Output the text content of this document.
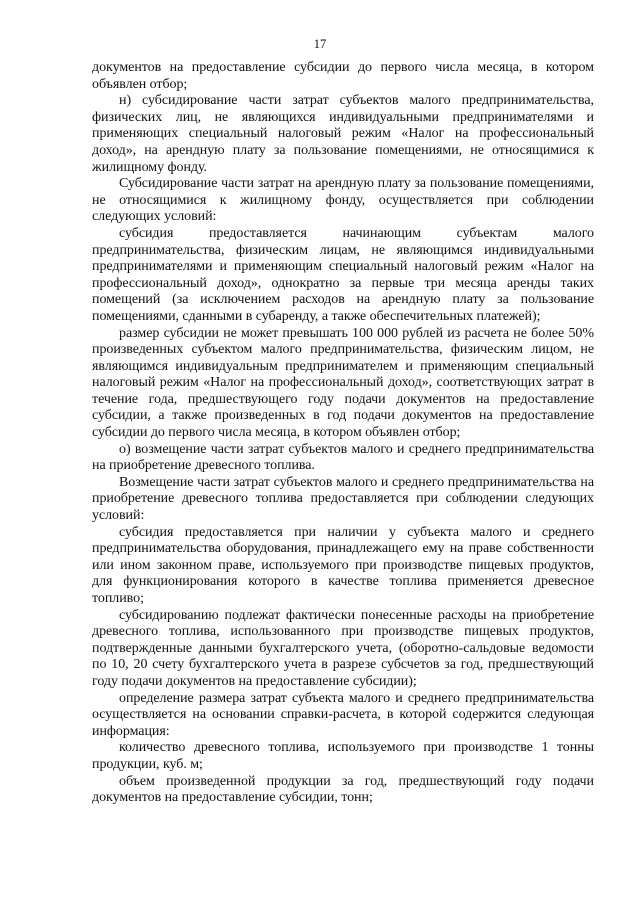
17

документов на предоставление субсидии до первого числа месяца, в котором объявлен отбор;

н) субсидирование части затрат субъектов малого предпринимательства, физических лиц, не являющихся индивидуальными предпринимателями и применяющих специальный налоговый режим «Налог на профессиональный доход», на арендную плату за пользование помещениями, не относящимися к жилищному фонду.

Субсидирование части затрат на арендную плату за пользование помещениями, не относящимися к жилищному фонду, осуществляется при соблюдении следующих условий:

субсидия предоставляется начинающим субъектам малого предпринимательства, физическим лицам, не являющимся индивидуальными предпринимателями и применяющим специальный налоговый режим «Налог на профессиональный доход», однократно за первые три месяца аренды таких помещений (за исключением расходов на арендную плату за пользование помещениями, сданными в субаренду, а также обеспечительных платежей);

размер субсидии не может превышать 100 000 рублей из расчета не более 50% произведенных субъектом малого предпринимательства, физическим лицом, не являющимся индивидуальным предпринимателем и применяющим специальный налоговый режим «Налог на профессиональный доход», соответствующих затрат в течение года, предшествующего году подачи документов на предоставление субсидии, а также произведенных в год подачи документов на предоставление субсидии до первого числа месяца, в котором объявлен отбор;

о) возмещение части затрат субъектов малого и среднего предпринимательства на приобретение древесного топлива.

Возмещение части затрат субъектов малого и среднего предпринимательства на приобретение древесного топлива предоставляется при соблюдении следующих условий:

субсидия предоставляется при наличии у субъекта малого и среднего предпринимательства оборудования, принадлежащего ему на праве собственности или ином законном праве, используемого при производстве пищевых продуктов, для функционирования которого в качестве топлива применяется древесное топливо;

субсидированию подлежат фактически понесенные расходы на приобретение древесного топлива, использованного при производстве пищевых продуктов, подтвержденные данными бухгалтерского учета, (оборотно-сальдовые ведомости по 10, 20 счету бухгалтерского учета в разрезе субсчетов за год, предшествующий году подачи документов на предоставление субсидии);

определение размера затрат субъекта малого и среднего предпринимательства осуществляется на основании справки-расчета, в которой содержится следующая информация:

количество древесного топлива, используемого при производстве 1 тонны продукции, куб. м;

объем произведенной продукции за год, предшествующий году подачи документов на предоставление субсидии, тонн;
